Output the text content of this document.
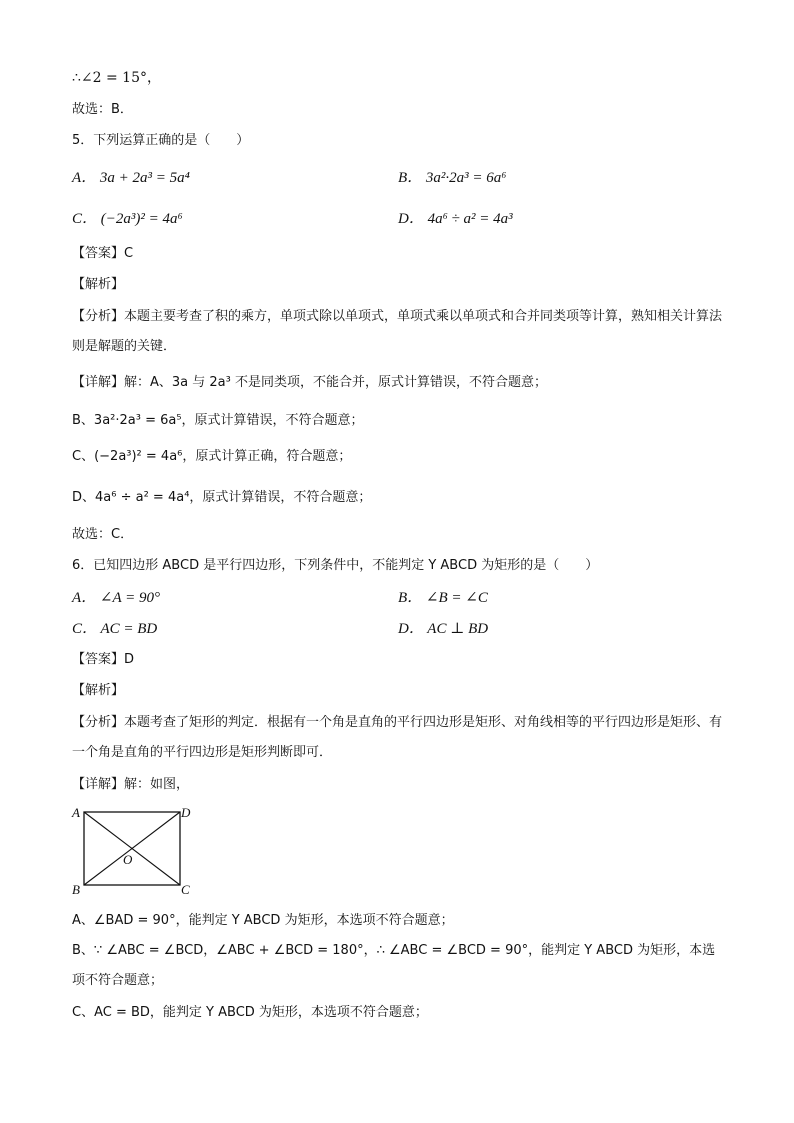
∴∠2 = 15°，
故选：B．
5．下列运算正确的是（　　）
A． 3a + 2a³ = 5a⁴	B． 3a²·2a³ = 6a⁶
C． (−2a³)² = 4a⁶	D． 4a⁶ ÷ a² = 4a³
【答案】C
【解析】
【分析】本题主要考查了积的乘方，单项式除以单项式，单项式乘以单项式和合并同类项等计算，熟知相关计算法则是解题的关键．
【详解】解：A、3a 与 2a³ 不是同类项，不能合并，原式计算错误，不符合题意；
B、3a²·2a³ = 6a⁵，原式计算错误，不符合题意；
C、(−2a³)² = 4a⁶，原式计算正确，符合题意；
D、4a⁶ ÷ a² = 4a⁴，原式计算错误，不符合题意；
故选：C．
6．已知四边形 ABCD 是平行四边形，下列条件中，不能判定 Y ABCD 为矩形的是（　　）
A． ∠A = 90°	B． ∠B = ∠C
C． AC = BD	D． AC ⊥ BD
【答案】D
【解析】
【分析】本题考查了矩形的判定．根据有一个角是直角的平行四边形是矩形、对角线相等的平行四边形是矩形、有一个角是直角的平行四边形是矩形判断即可．
【详解】解：如图，
A	D
B	C
O
A、∠BAD = 90°，能判定 Y ABCD 为矩形，本选项不符合题意；
B、∵ ∠ABC = ∠BCD，∠ABC + ∠BCD = 180°，∴ ∠ABC = ∠BCD = 90°，能判定 Y ABCD 为矩形，本选项不符合题意；
C、AC = BD，能判定 Y ABCD 为矩形，本选项不符合题意；
